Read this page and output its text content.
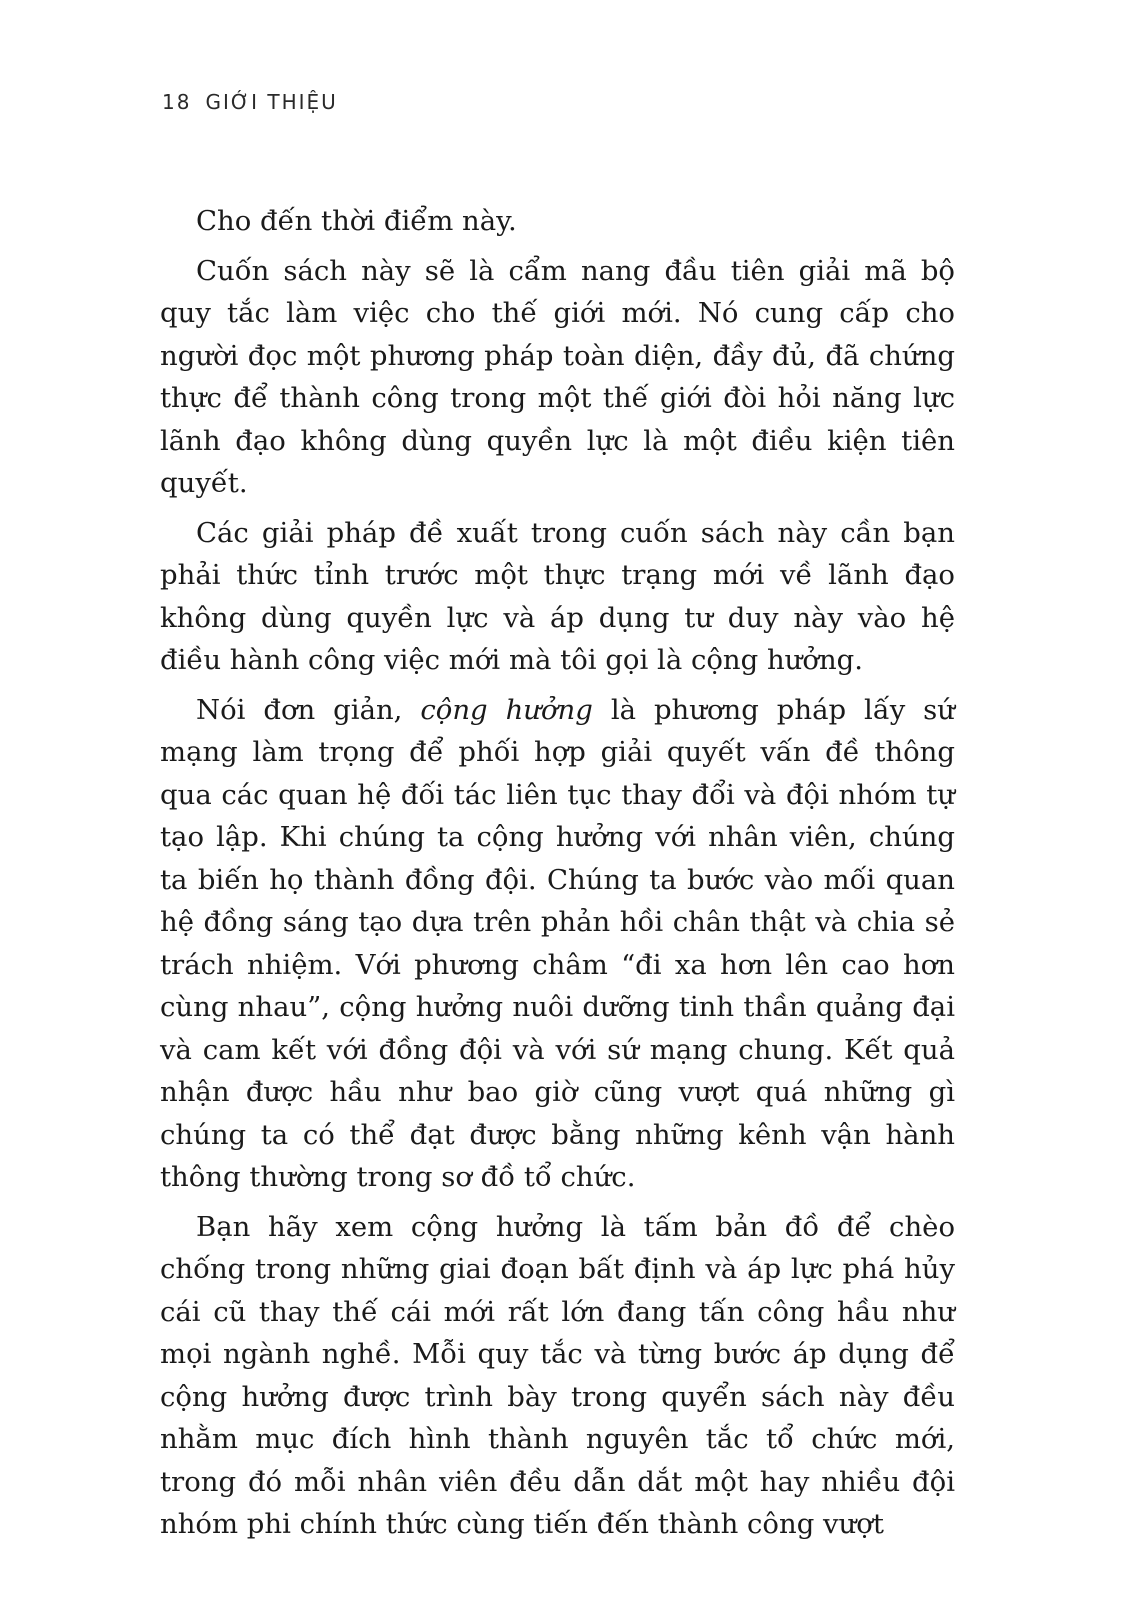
18 GIỚI THIỆU

Cho đến thời điểm này.

Cuốn sách này sẽ là cẩm nang đầu tiên giải mã bộ quy tắc làm việc cho thế giới mới. Nó cung cấp cho người đọc một phương pháp toàn diện, đầy đủ, đã chứng thực để thành công trong một thế giới đòi hỏi năng lực lãnh đạo không dùng quyền lực là một điều kiện tiên quyết.

Các giải pháp đề xuất trong cuốn sách này cần bạn phải thức tỉnh trước một thực trạng mới về lãnh đạo không dùng quyền lực và áp dụng tư duy này vào hệ điều hành công việc mới mà tôi gọi là cộng hưởng.

Nói đơn giản, cộng hưởng là phương pháp lấy sứ mạng làm trọng để phối hợp giải quyết vấn đề thông qua các quan hệ đối tác liên tục thay đổi và đội nhóm tự tạo lập. Khi chúng ta cộng hưởng với nhân viên, chúng ta biến họ thành đồng đội. Chúng ta bước vào mối quan hệ đồng sáng tạo dựa trên phản hồi chân thật và chia sẻ trách nhiệm. Với phương châm “đi xa hơn lên cao hơn cùng nhau”, cộng hưởng nuôi dưỡng tinh thần quảng đại và cam kết với đồng đội và với sứ mạng chung. Kết quả nhận được hầu như bao giờ cũng vượt quá những gì chúng ta có thể đạt được bằng những kênh vận hành thông thường trong sơ đồ tổ chức.

Bạn hãy xem cộng hưởng là tấm bản đồ để chèo chống trong những giai đoạn bất định và áp lực phá hủy cái cũ thay thế cái mới rất lớn đang tấn công hầu như mọi ngành nghề. Mỗi quy tắc và từng bước áp dụng để cộng hưởng được trình bày trong quyển sách này đều nhằm mục đích hình thành nguyên tắc tổ chức mới, trong đó mỗi nhân viên đều dẫn dắt một hay nhiều đội nhóm phi chính thức cùng tiến đến thành công vượt
